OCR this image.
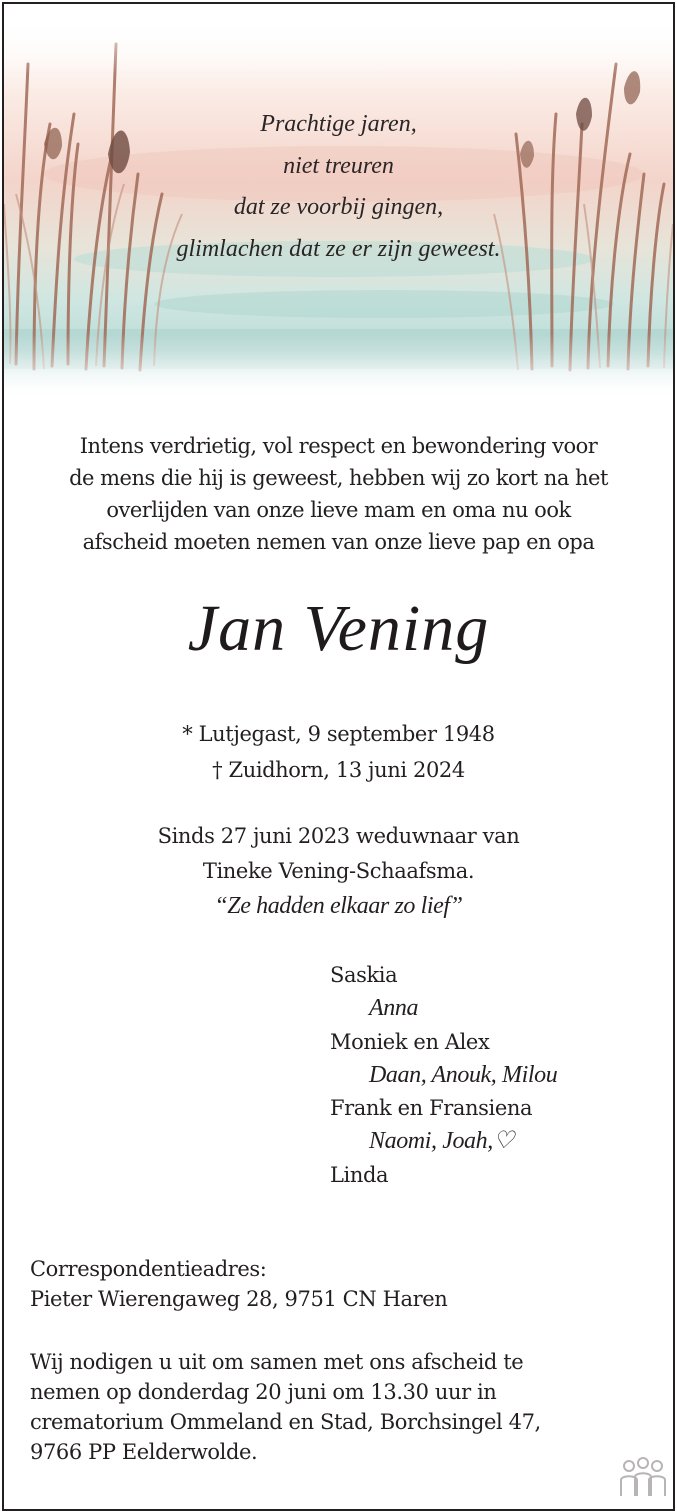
Prachtige jaren,
niet treuren
dat ze voorbij gingen,
glimlachen dat ze er zijn geweest.
Intens verdrietig, vol respect en bewondering voor
de mens die hij is geweest, hebben wij zo kort na het
overlijden van onze lieve mam en oma nu ook
afscheid moeten nemen van onze lieve pap en opa
Jan Vening
* Lutjegast, 9 september 1948
† Zuidhorn, 13 juni 2024
Sinds 27 juni 2023 weduwnaar van
Tineke Vening-Schaafsma.
“Ze hadden elkaar zo lief”
Saskia
Anna
Moniek en Alex
Daan, Anouk, Milou
Frank en Fransiena
Naomi, Joah,♡
Linda
Correspondentieadres:
Pieter Wierengaweg 28, 9751 CN Haren
Wij nodigen u uit om samen met ons afscheid te
nemen op donderdag 20 juni om 13.30 uur in
crematorium Ommeland en Stad, Borchsingel 47,
9766 PP Eelderwolde.
